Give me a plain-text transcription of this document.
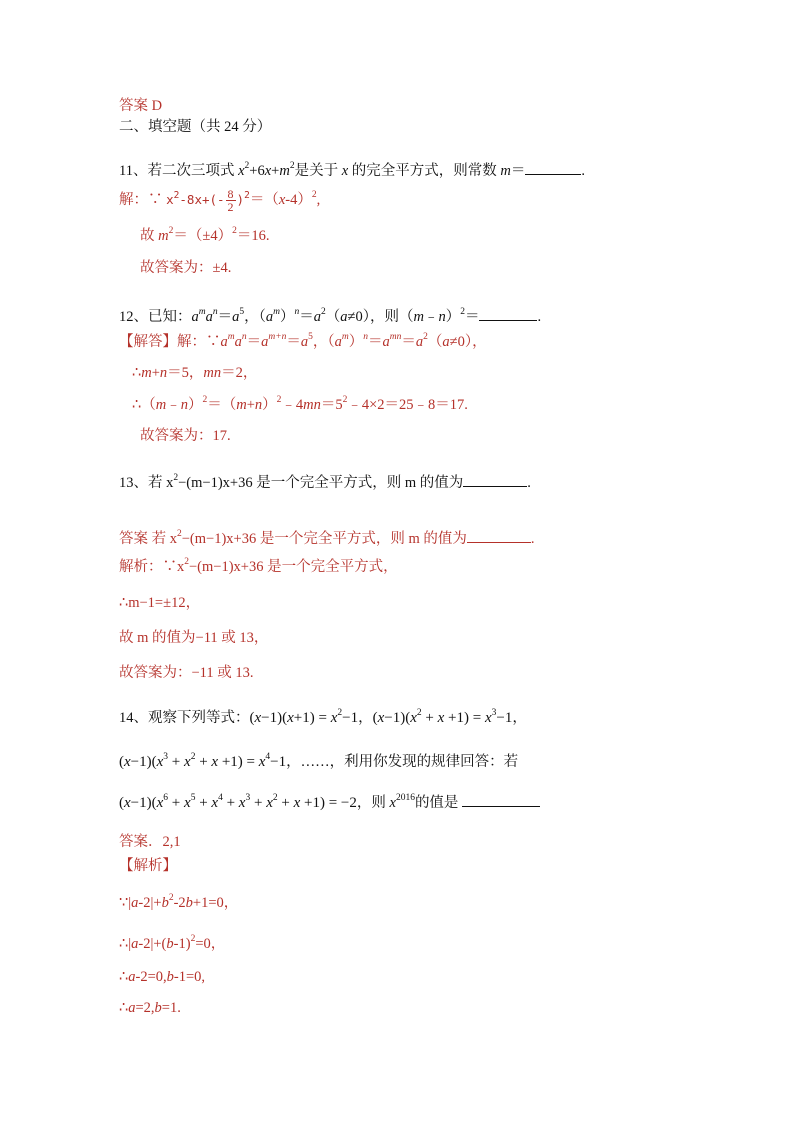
答案 D
二、填空题（共 24 分）
11、若二次三项式 $x^2+6x+m^2$是关于 x 的完全平方式，则常数 m＝	.
解：∵ $x^2-8x+(- \frac{8}{2} )^2=(x-4)^2$,
故 $m^2=(\pm 4)^2=16$.
故答案为：±4.
12、已知：$a^ma^n=a^5$，$(a^m)^n=a^2(a\ne 0)$，则（m﹣n）$^2$＝	.
【解答】解：$\because a^ma^n=a^{m+n}=a^5$，$(a^m)^n=a^{mn}=a^2(a\ne 0)$，
∴m+n＝5，mn＝2，
$\therefore(m﹣n)^2=(m+n)^2﹣4mn=5^2﹣4\times 2=25﹣8=17$.
故答案为：17.
13、若 $x^2-(m-1)x+36$ 是一个完全平方式，则 m 的值为	.
答案 若 $x^2-(m-1)x+36$ 是一个完全平方式，则 m 的值为	.
解析：$\because x^2-(m-1)x+36$ 是一个完全平方式，
∴m−1=±12，
故 m 的值为−11 或 13，
故答案为：−11 或 13.
14、观察下列等式：$(x-1)(x+1) = x^2-1$，$(x-1)(x^2 + x +1) = x^3-1$，
$(x-1)(x^3 + x^2 + x +1) = x^4-1$，……，利用你发现的规律回答：若
$(x-1)(x^6 + x^5 + x^4 + x^3 + x^2 + x +1) = -2$，则 $x^{2016}$的值是
答案．2,1
【解析】
$\because|a-2|+b^2-2b+1=0$，
$\therefore|a-2|+(b-1)^2=0$，
∴a-2=0,b-1=0,
∴a=2,b=1.
